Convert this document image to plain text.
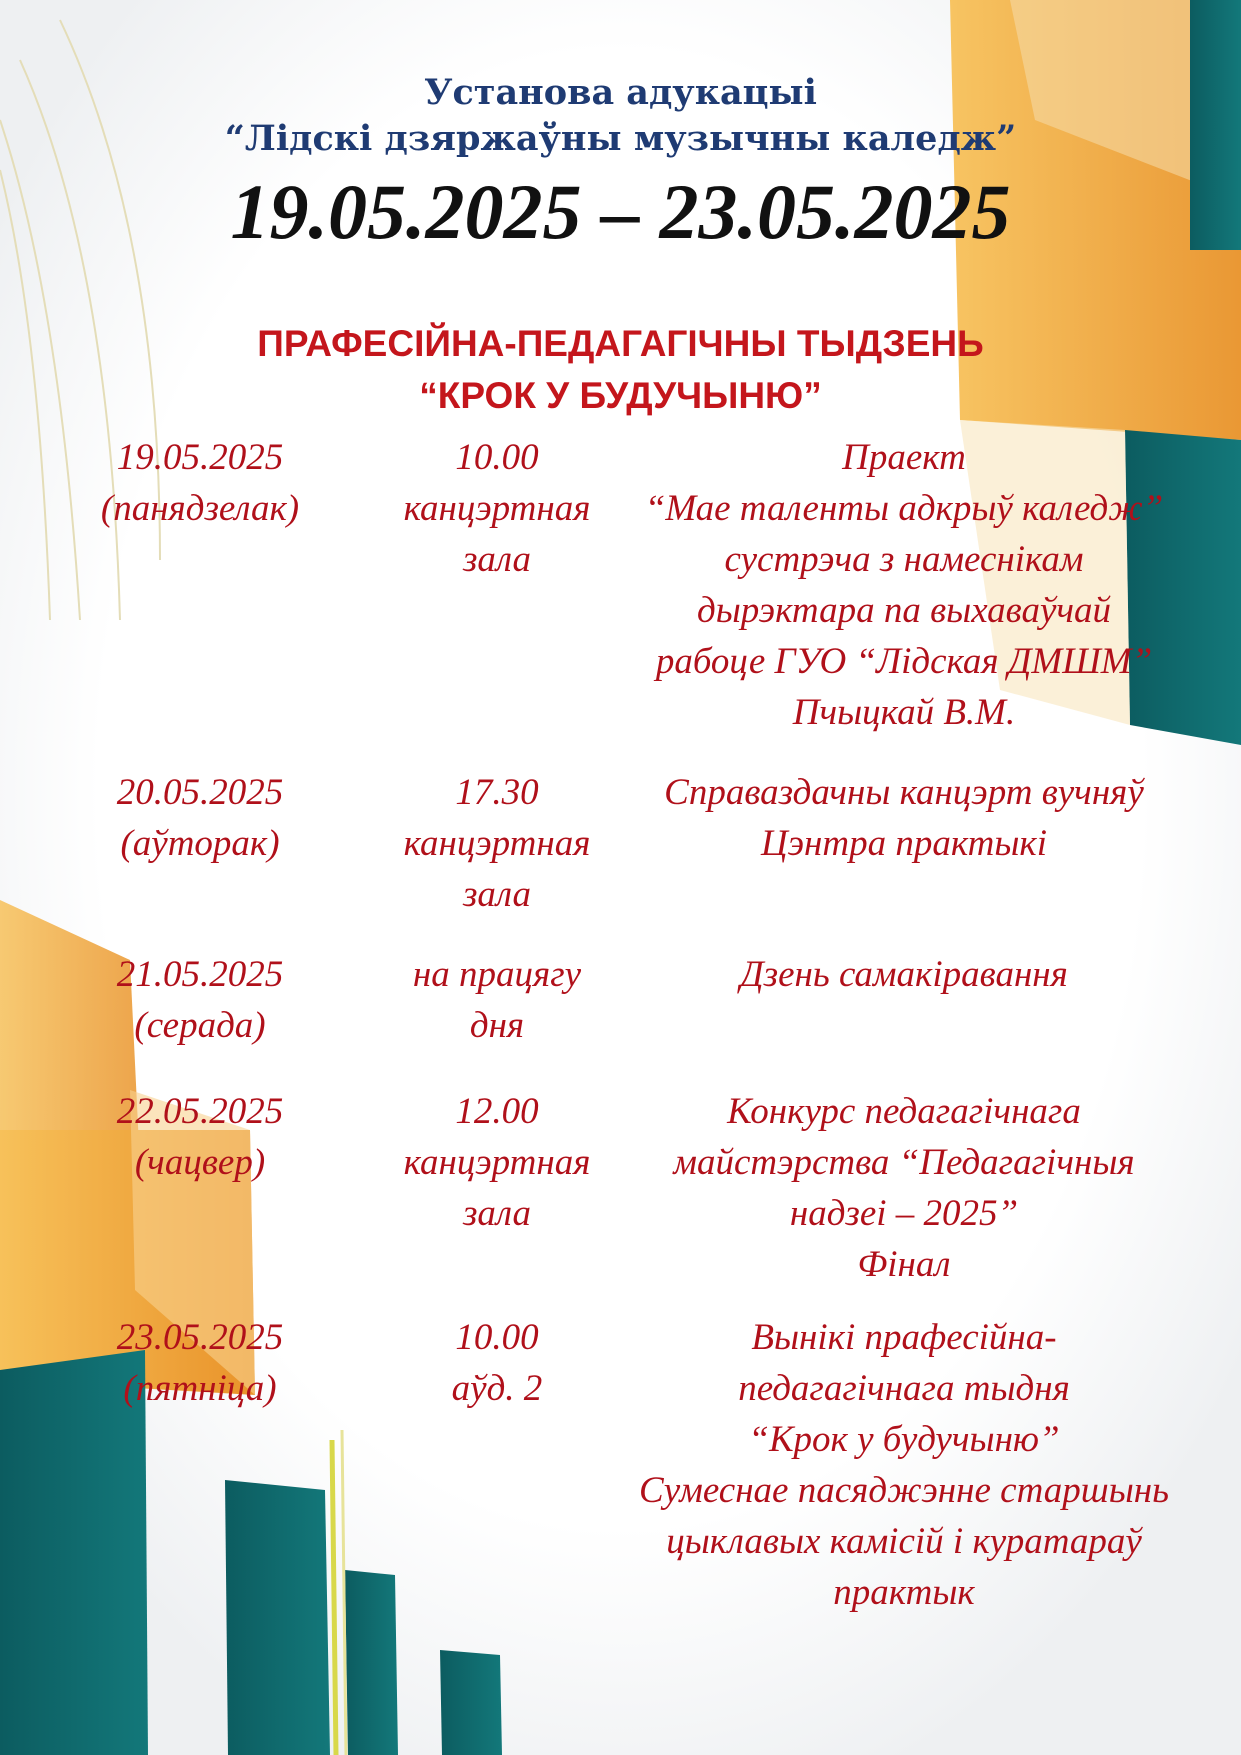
Установа адукацыі
“Лідскі дзяржаўны музычны каледж”
19.05.2025 – 23.05.2025
ПРАФЕСІЙНА-ПЕДАГАГІЧНЫ ТЫДЗЕНЬ
“КРОК У БУДУЧЫНЮ”
19.05.2025
(панядзелак)
10.00
канцэртная
зала
Праект
“Мае таленты адкрыў каледж”
сустрэча з намеснікам
дырэктара па выхаваўчай
рабоце ГУО “Лідская ДМШМ”
Пчыцкай В.М.
20.05.2025
(аўторак)
17.30
канцэртная
зала
Справаздачны канцэрт вучняў
Цэнтра практыкі
21.05.2025
(серада)
на працягу
дня
Дзень самакіравання
22.05.2025
(чацвер)
12.00
канцэртная
зала
Конкурс педагагічнага
майстэрства “Педагагічныя
надзеі – 2025”
Фінал
23.05.2025
(пятніца)
10.00
аўд. 2
Вынікі прафесійна-
педагагічнага тыдня
“Крок у будучыню”
Сумеснае пасяджэнне старшынь
цыклавых камісій і куратараў
практык
